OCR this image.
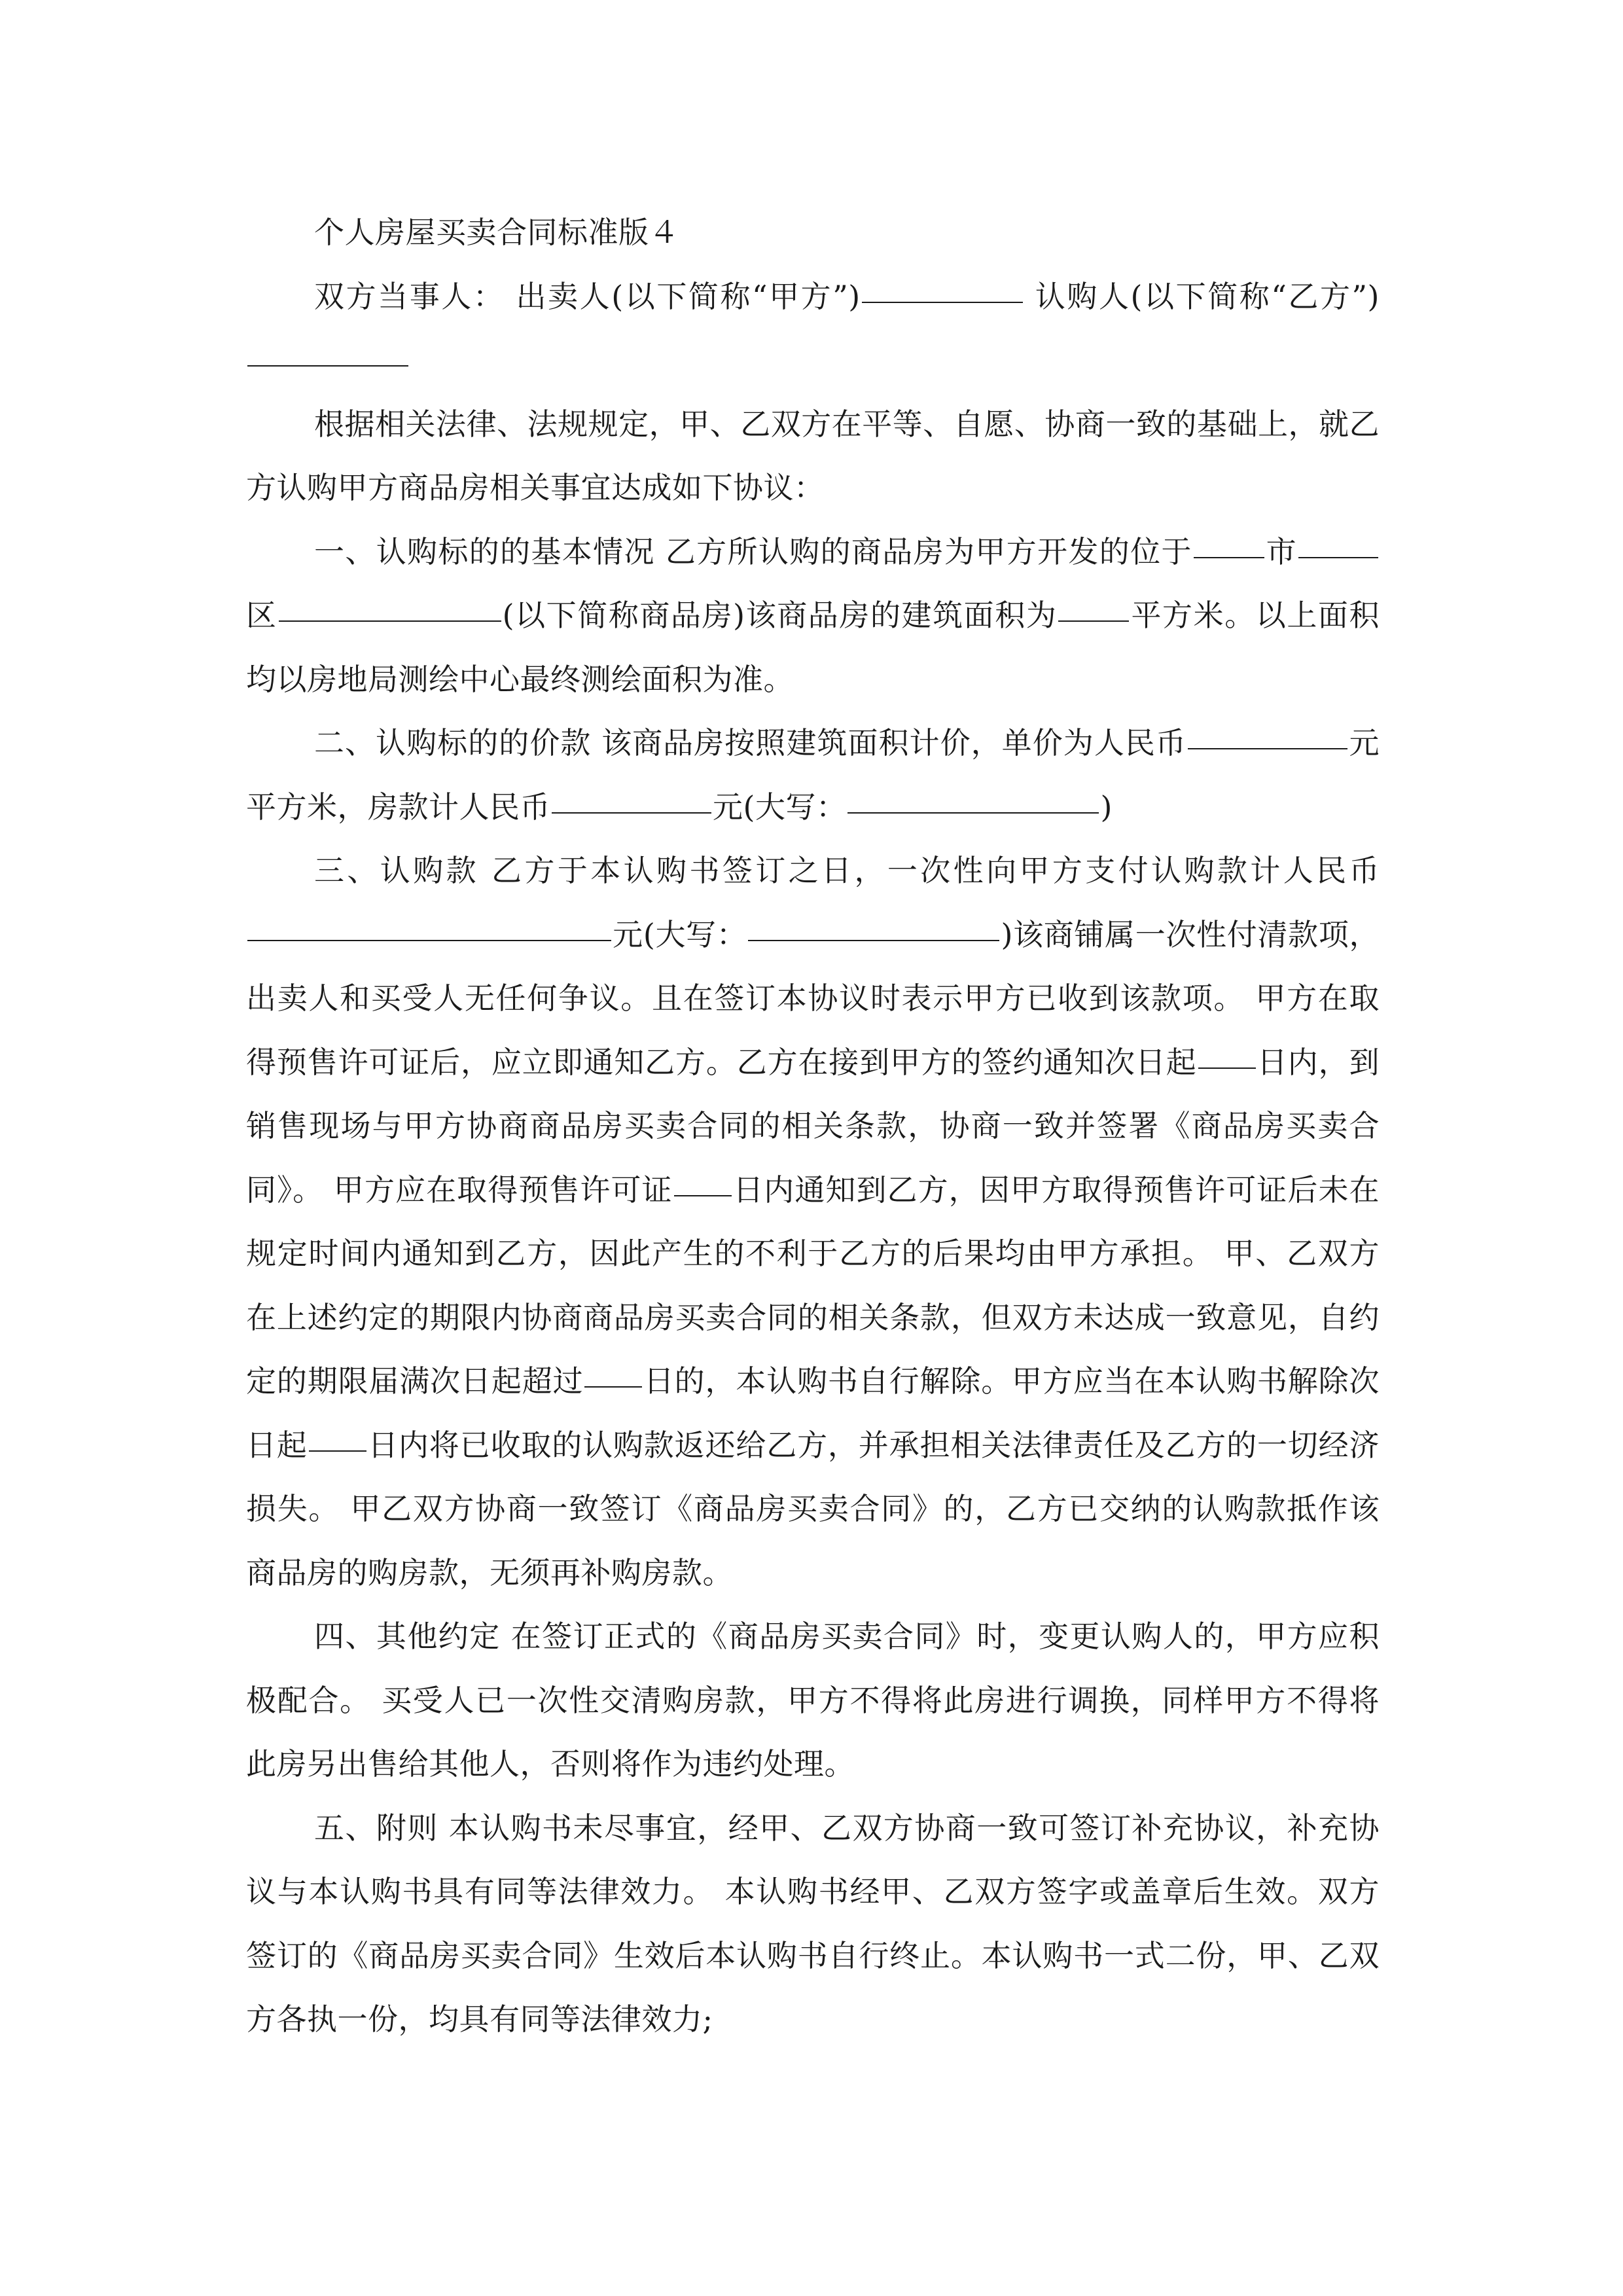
个人房屋买卖合同标准版４

双方当事人： 出卖人(以下简称“甲方”)	认购人(以下简称“乙方”)

根据相关法律、法规规定，甲、乙双方在平等、自愿、协商一致的基础上，就乙方认购甲方商品房相关事宜达成如下协议：

一、认购标的的基本情况 乙方所认购的商品房为甲方开发的位于 市区	(以下简称商品房)该商品房的建筑面积为 平方米。以上面积均以房地局测绘中心最终测绘面积为准。

二、认购标的的价款 该商品房按照建筑面积计价，单价为人民币	元平方米，房款计人民币	元(大写：	)

三、认购款 乙方于本认购书签订之日，一次性向甲方支付认购款计人民币元(大写：	)该商铺属一次性付清款项，出卖人和买受人无任何争议。且在签订本协议时表示甲方已收到该款项。 甲方在取得预售许可证后，应立即通知乙方。乙方在接到甲方的签约通知次日起 日内，到销售现场与甲方协商商品房买卖合同的相关条款，协商一致并签署《商品房买卖合同》。 甲方应在取得预售许可证 日内通知到乙方，因甲方取得预售许可证后未在规定时间内通知到乙方，因此产生的不利于乙方的后果均由甲方承担。 甲、乙双方在上述约定的期限内协商商品房买卖合同的相关条款，但双方未达成一致意见，自约定的期限届满次日起超过 日的，本认购书自行解除。甲方应当在本认购书解除次日起 日内将已收取的认购款返还给乙方，并承担相关法律责任及乙方的一切经济损失。 甲乙双方协商一致签订《商品房买卖合同》的，乙方已交纳的认购款抵作该商品房的购房款，无须再补购房款。

四、其他约定 在签订正式的《商品房买卖合同》时，变更认购人的，甲方应积极配合。 买受人已一次性交清购房款，甲方不得将此房进行调换，同样甲方不得将此房另出售给其他人，否则将作为违约处理。

五、附则 本认购书未尽事宜，经甲、乙双方协商一致可签订补充协议，补充协议与本认购书具有同等法律效力。 本认购书经甲、乙双方签字或盖章后生效。双方签订的《商品房买卖合同》生效后本认购书自行终止。本认购书一式二份，甲、乙双方各执一份，均具有同等法律效力;
